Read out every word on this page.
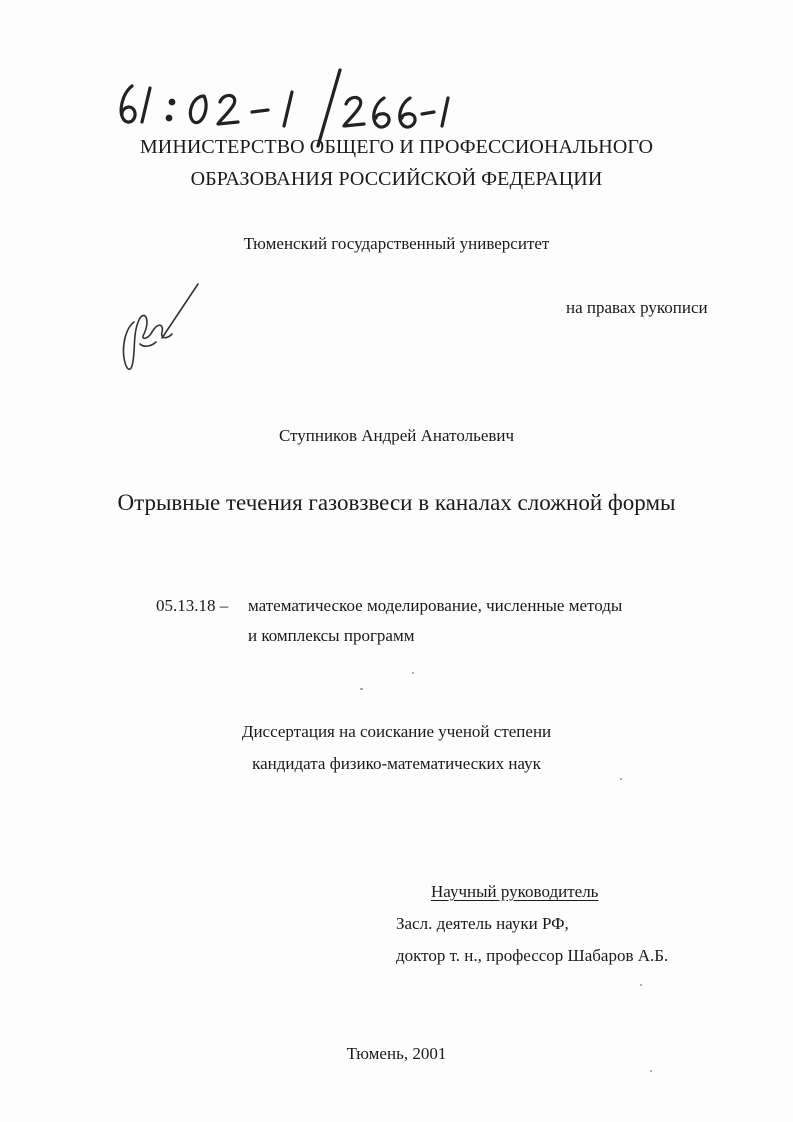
МИНИСТЕРСТВО ОБЩЕГО И ПРОФЕССИОНАЛЬНОГО

ОБРАЗОВАНИЯ РОССИЙСКОЙ ФЕДЕРАЦИИ

Тюменский государственный университет

на правах рукописи

Ступников Андрей Анатольевич

Отрывные течения газовзвеси в каналах сложной формы

05.13.18 – математическое моделирование, численные методы

и комплексы программ

Диссертация на соискание ученой степени

кандидата физико-математических наук

Научный руководитель

Засл. деятель науки РФ,

доктор т. н., профессор Шабаров А.Б.

Тюмень, 2001
